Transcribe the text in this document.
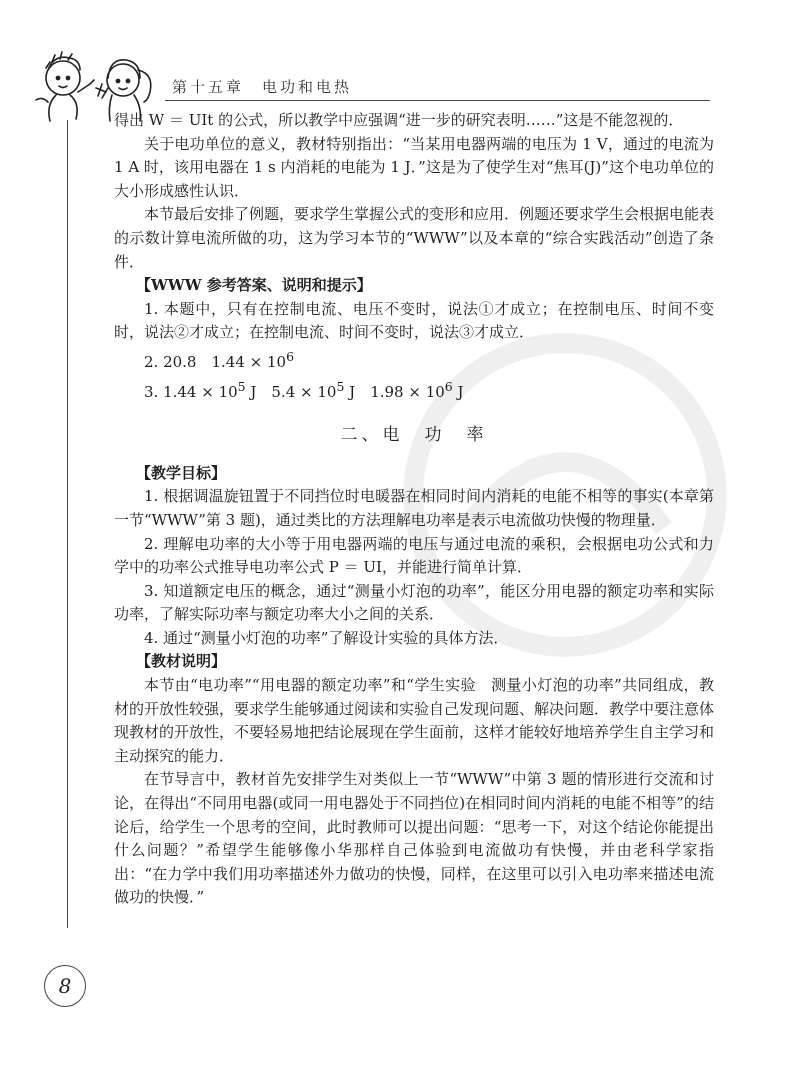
第十五章　电功和电热

得出 W ＝ UIt 的公式，所以教学中应强调“进一步的研究表明……”这是不能忽视的．

关于电功单位的意义，教材特别指出：“当某用电器两端的电压为 1 V，通过的电流为 1 A 时，该用电器在 1 s 内消耗的电能为 1 J．”这是为了使学生对“焦耳(J)”这个电功单位的大小形成感性认识．

本节最后安排了例题，要求学生掌握公式的变形和应用．例题还要求学生会根据电能表的示数计算电流所做的功，这为学习本节的“WWW”以及本章的“综合实践活动”创造了条件．

【WWW 参考答案、说明和提示】

1. 本题中，只有在控制电流、电压不变时，说法①才成立；在控制电压、时间不变时，说法②才成立；在控制电流、时间不变时，说法③才成立．

2. 20.8　$1.44 \times 10^6$

3. $1.44 \times 10^5$ J　$5.4 \times 10^5$ J　$1.98 \times 10^6$ J

二、电　功　率

【教学目标】

1. 根据调温旋钮置于不同挡位时电暖器在相同时间内消耗的电能不相等的事实(本章第一节“WWW”第 3 题)，通过类比的方法理解电功率是表示电流做功快慢的物理量．

2. 理解电功率的大小等于用电器两端的电压与通过电流的乘积，会根据电功公式和力学中的功率公式推导电功率公式 P ＝ UI，并能进行简单计算．

3. 知道额定电压的概念，通过“测量小灯泡的功率”，能区分用电器的额定功率和实际功率，了解实际功率与额定功率大小之间的关系．

4. 通过“测量小灯泡的功率”了解设计实验的具体方法．

【教材说明】

本节由“电功率”“用电器的额定功率”和“学生实验　测量小灯泡的功率”共同组成，教材的开放性较强，要求学生能够通过阅读和实验自己发现问题、解决问题．教学中要注意体现教材的开放性，不要轻易地把结论展现在学生面前，这样才能较好地培养学生自主学习和主动探究的能力．

在节导言中，教材首先安排学生对类似上一节“WWW”中第 3 题的情形进行交流和讨论，在得出“不同用电器(或同一用电器处于不同挡位)在相同时间内消耗的电能不相等”的结论后，给学生一个思考的空间，此时教师可以提出问题：“思考一下，对这个结论你能提出什么问题？”希望学生能够像小华那样自己体验到电流做功有快慢，并由老科学家指出：“在力学中我们用功率描述外力做功的快慢，同样，在这里可以引入电功率来描述电流做功的快慢．”

8
